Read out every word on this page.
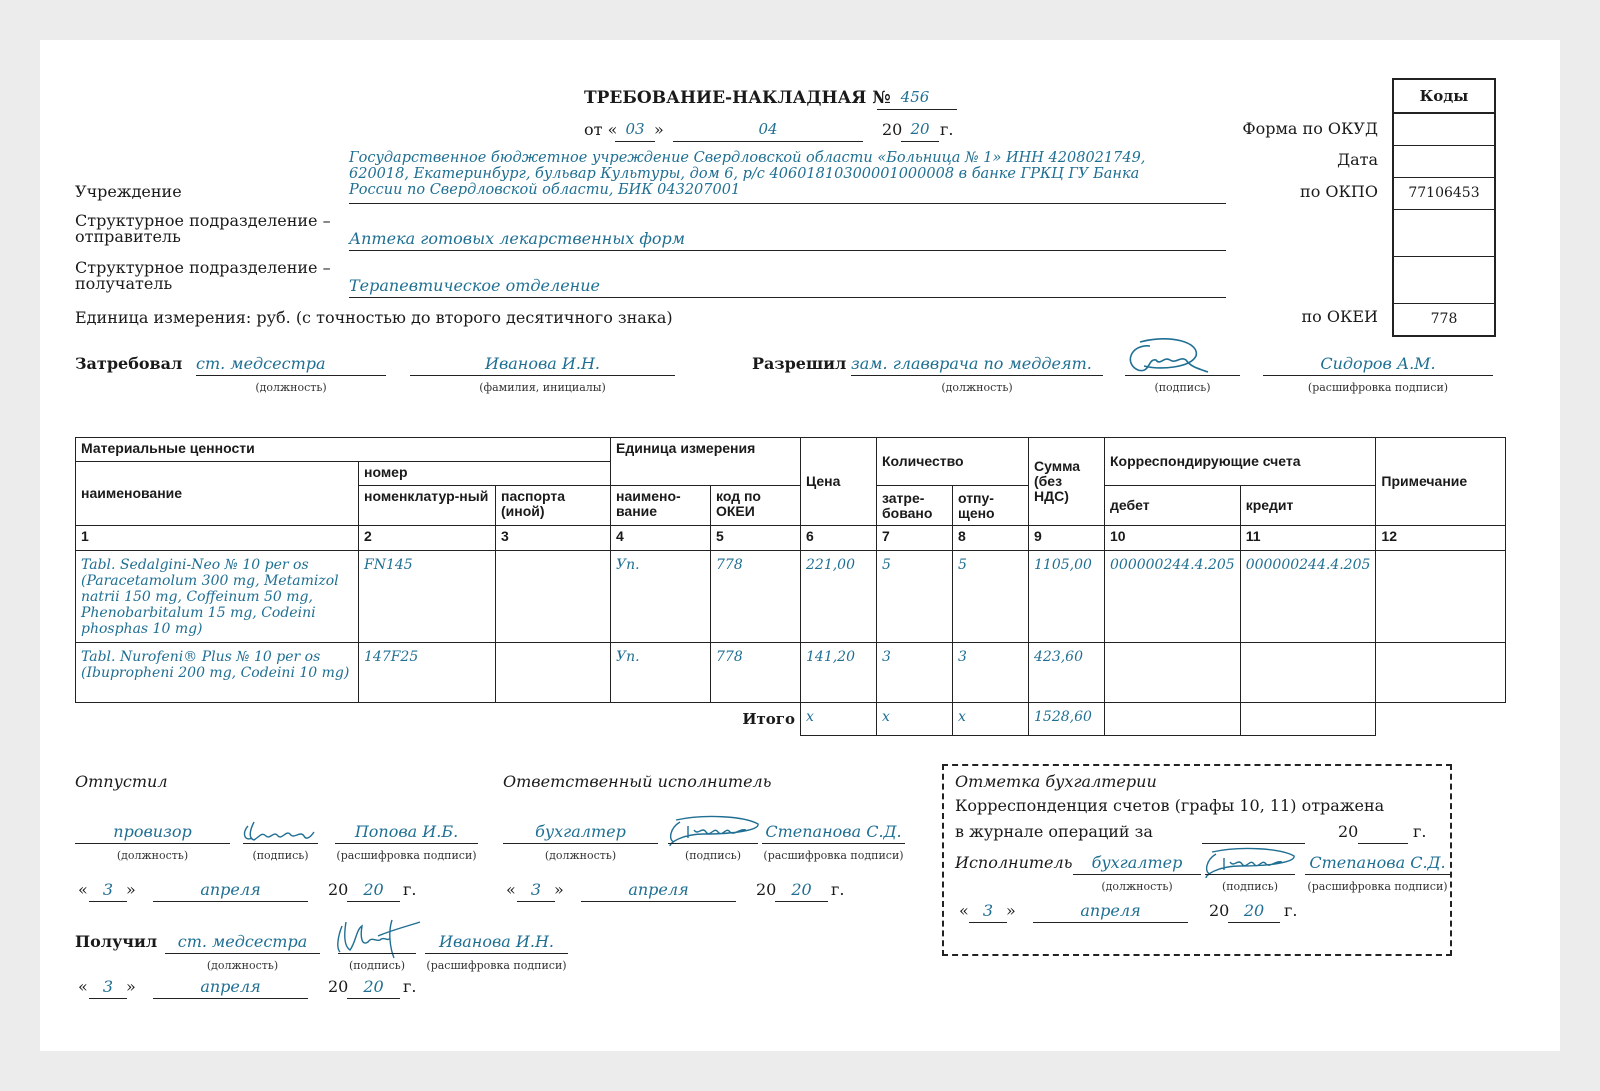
ТРЕБОВАНИЕ-НАКЛАДНАЯ № 456
от « 03 »	04	20 20 г.
Коды
77106453
778
Форма по ОКУД
Дата
по ОКПО
по ОКЕИ
Учреждение
Государственное бюджетное учреждение Свердловской области «Больница № 1» ИНН 4208021749,
620018, Екатеринбург, бульвар Культуры, дом 6, р/с 40601810300001000008 в банке ГРКЦ ГУ Банка
России по Свердловской области, БИК 043207001
Структурное подразделение –
отправитель	Аптека готовых лекарственных форм
Структурное подразделение –
получатель	Терапевтическое отделение
Единица измерения: руб. (с точностью до второго десятичного знака)
Затребовал ст. медсестра
(должность)
Иванова И.Н.
(фамилия, инициалы)
Разрешил зам. главврача по меддеят.
(должность)	(подпись)
Сидоров А.М.
(расшифровка подписи)
Материальные ценности			Единица измерения		Цена	Количество		Сумма (без НДС)	Корреспондирующие счета		Примечание
наименование	номер										
	номенклатур-ный	паспорта (иной)	наимено-вание	код по ОКЕИ		затре-бовано	отпу-щено		дебет	кредит	
1	2	3	4	5	6	7	8	9	10	11	12
Tabl. Sedalgini-Neo № 10 per os (Paracetamolum 300 mg, Metamizol natrii 150 mg, Coffeinum 50 mg, Phenobarbitalum 15 mg, Codeini phosphas 10 mg)	FN145		Уп.	778	221,00	5	5	1105,00	000000244.4.205	000000244.4.205	
Tabl. Nurofeni® Plus № 10 per os (Ibupropheni 200 mg, Codeini 10 mg)	147F25		Уп.	778	141,20	3	3	423,60			
				Итого	x	x	x	1528,60			
Отпустил
провизор
(должность)	(подпись)
Попова И.Б.
(расшифровка подписи)
« 3 »	апреля	20 20	г.
Ответственный исполнитель
бухгалтер
(должность)	(подпись)
Степанова С.Д.
(расшифровка подписи)
« 3 »	апреля	20 20	г.
Получил	ст. медсестра
(должность)	(подпись)
Иванова И.Н.
(расшифровка подписи)
« 3 »	апреля	20 20	г.
Отметка бухгалтерии
Корреспонденция счетов (графы 10, 11) отражена
в журнале операций за	20	г.
Исполнитель	бухгалтер
(должность)	(подпись)
Степанова С.Д.
(расшифровка подписи)
« 3 »	апреля	20 20	г.
